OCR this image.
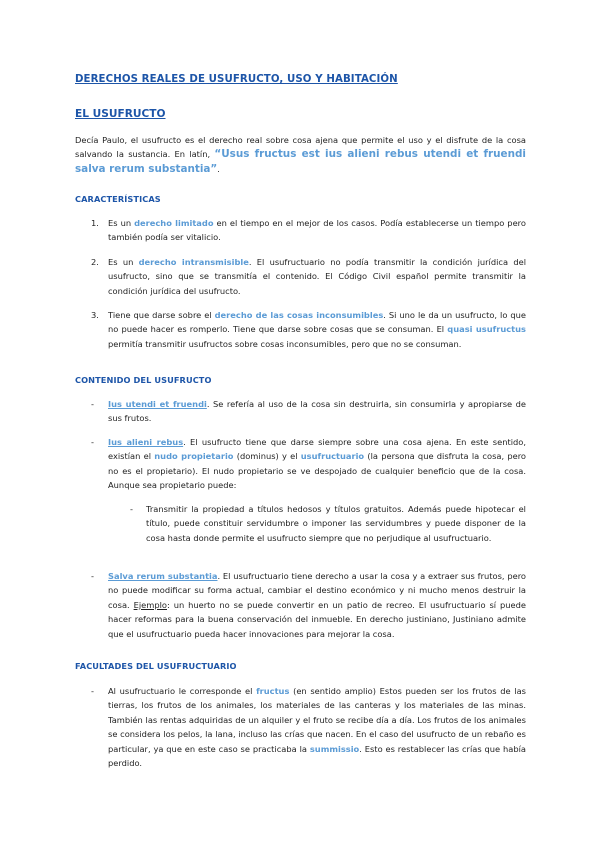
DERECHOS REALES DE USUFRUCTO, USO Y HABITACIÓN
EL USUFRUCTO
Decía Paulo, el usufructo es el derecho real sobre cosa ajena que permite el uso y el disfrute de la cosa salvando la sustancia. En latín, “Usus fructus est ius alieni rebus utendi et fruendi salva rerum substantia”.
CARACTERÍSTICAS
1. Es un derecho limitado en el tiempo en el mejor de los casos. Podía establecerse un tiempo pero también podía ser vitalicio.
2. Es un derecho intransmisible. El usufructuario no podía transmitir la condición jurídica del usufructo, sino que se transmitía el contenido. El Código Civil español permite transmitir la condición jurídica del usufructo.
3. Tiene que darse sobre el derecho de las cosas inconsumibles. Si uno le da un usufructo, lo que no puede hacer es romperlo. Tiene que darse sobre cosas que se consuman. El quasi usufructus permitía transmitir usufructos sobre cosas inconsumibles, pero que no se consuman.
CONTENIDO DEL USUFRUCTO
- Ius utendi et fruendi. Se refería al uso de la cosa sin destruirla, sin consumirla y apropiarse de sus frutos.
- Ius alieni rebus. El usufructo tiene que darse siempre sobre una cosa ajena. En este sentido, existían el nudo propietario (dominus) y el usufructuario (la persona que disfruta la cosa, pero no es el propietario). El nudo propietario se ve despojado de cualquier beneficio que de la cosa. Aunque sea propietario puede:
- Transmitir la propiedad a títulos hedosos y títulos gratuitos. Además puede hipotecar el título, puede constituir servidumbre o imponer las servidumbres y puede disponer de la cosa hasta donde permite el usufructo siempre que no perjudique al usufructuario.
- Salva rerum substantia. El usufructuario tiene derecho a usar la cosa y a extraer sus frutos, pero no puede modificar su forma actual, cambiar el destino económico y ni mucho menos destruir la cosa. Ejemplo: un huerto no se puede convertir en un patio de recreo. El usufructuario sí puede hacer reformas para la buena conservación del inmueble. En derecho justiniano, Justiniano admite que el usufructuario pueda hacer innovaciones para mejorar la cosa.
FACULTADES DEL USUFRUCTUARIO
- Al usufructuario le corresponde el fructus (en sentido amplio) Estos pueden ser los frutos de las tierras, los frutos de los animales, los materiales de las canteras y los materiales de las minas. También las rentas adquiridas de un alquiler y el fruto se recibe día a día. Los frutos de los animales se considera los pelos, la lana, incluso las crías que nacen. En el caso del usufructo de un rebaño es particular, ya que en este caso se practicaba la summissio. Esto es restablecer las crías que había perdido.
